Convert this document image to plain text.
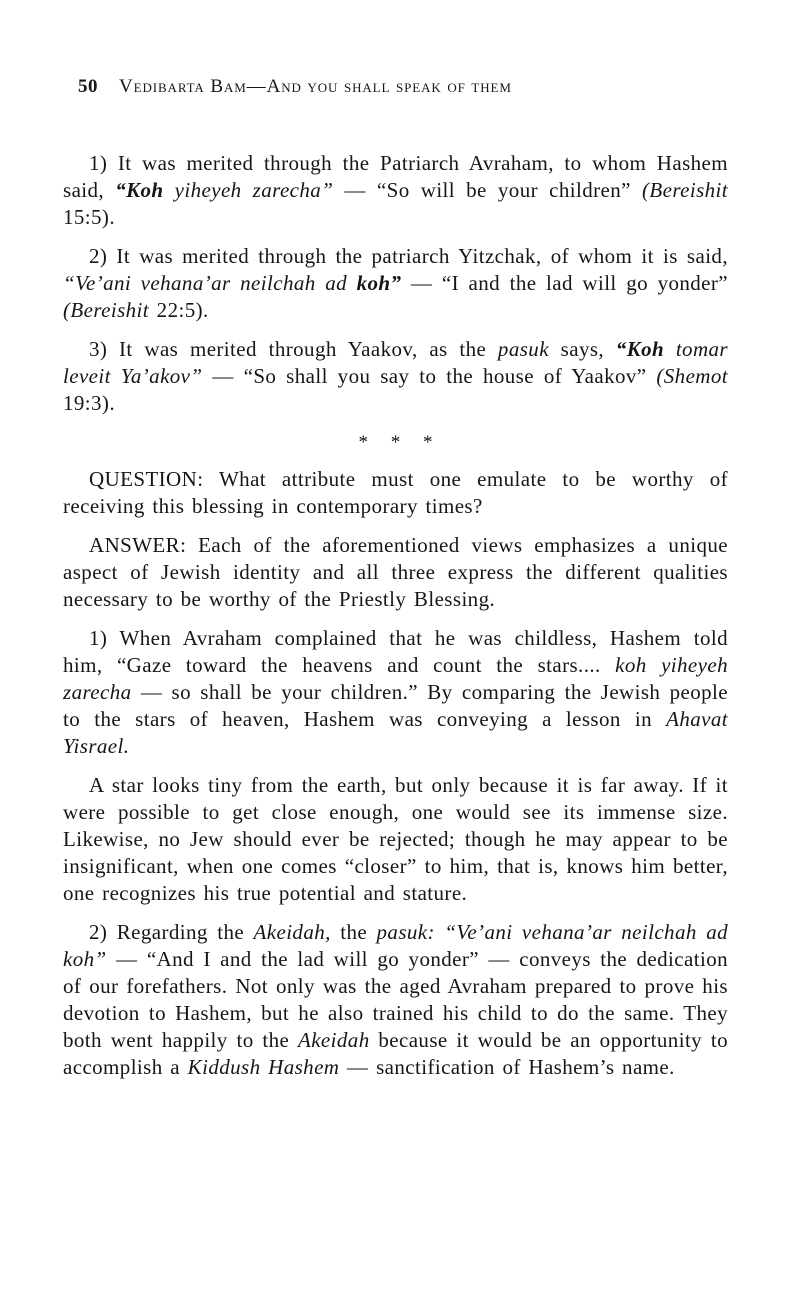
50 Vedibarta Bam—And you shall speak of them

1) It was merited through the Patriarch Avraham, to whom Hashem said, “Koh yiheyeh zarecha” — “So will be your children” (Bereishit 15:5).

2) It was merited through the patriarch Yitzchak, of whom it is said, “Ve’ani vehana’ar neilchah ad koh” — “I and the lad will go yonder” (Bereishit 22:5).

3) It was merited through Yaakov, as the pasuk says, “Koh tomar leveit Ya’akov” — “So shall you say to the house of Yaakov” (Shemot 19:3).

* * *

QUESTION: What attribute must one emulate to be worthy of receiving this blessing in contemporary times?

ANSWER: Each of the aforementioned views emphasizes a unique aspect of Jewish identity and all three express the different qualities necessary to be worthy of the Priestly Blessing.

1) When Avraham complained that he was childless, Hashem told him, “Gaze toward the heavens and count the stars.... koh yiheyeh zarecha — so shall be your children.” By comparing the Jewish people to the stars of heaven, Hashem was conveying a lesson in Ahavat Yisrael.

A star looks tiny from the earth, but only because it is far away. If it were possible to get close enough, one would see its immense size. Likewise, no Jew should ever be rejected; though he may appear to be insignificant, when one comes “closer” to him, that is, knows him better, one recognizes his true potential and stature.

2) Regarding the Akeidah, the pasuk: “Ve’ani vehana’ar neilchah ad koh” — “And I and the lad will go yonder” — conveys the dedication of our forefathers. Not only was the aged Avraham prepared to prove his devotion to Hashem, but he also trained his child to do the same. They both went happily to the Akeidah because it would be an opportunity to accomplish a Kiddush Hashem — sanctification of Hashem’s name.
